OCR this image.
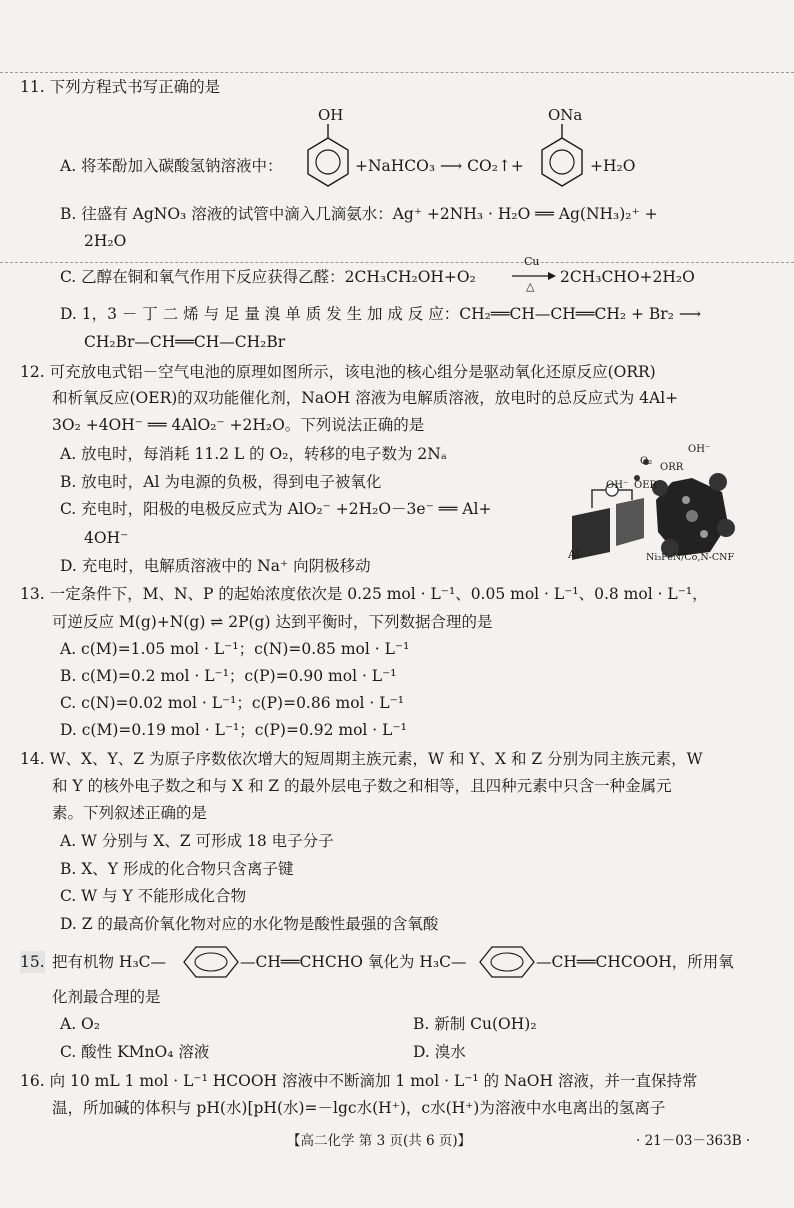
11. 下列方程式书写正确的是
OH	ONa
A. 将苯酚加入碳酸氢钠溶液中：	+NaHCO₃ ⟶ CO₂↑+	+H₂O
B. 往盛有 AgNO₃ 溶液的试管中滴入几滴氨水：Ag⁺ +2NH₃ · H₂O ══ Ag(NH₃)₂⁺ +
2H₂O
C. 乙醇在铜和氧气作用下反应获得乙醛：2CH₃CH₂OH+O₂
Cu
△
2CH₃CHO+2H₂O
D. 1，3 － 丁 二 烯 与 足 量 溴 单 质 发 生 加 成 反 应：CH₂══CH—CH══CH₂ + Br₂ ⟶
CH₂Br—CH══CH—CH₂Br
12. 可充放电式铝－空气电池的原理如图所示，该电池的核心组分是驱动氧化还原反应(ORR)
和析氧反应(OER)的双功能催化剂，NaOH 溶液为电解质溶液，放电时的总反应式为 4Al+
3O₂ +4OH⁻ ══ 4AlO₂⁻ +2H₂O。下列说法正确的是
A. 放电时，每消耗 11.2 L 的 O₂，转移的电子数为 2Nₐ
B. 放电时，Al 为电源的负极，得到电子被氧化
C. 充电时，阳极的电极反应式为 AlO₂⁻ +2H₂O－3e⁻ ══ Al+
4OH⁻
D. 充电时，电解质溶液中的 Na⁺ 向阴极移动
OH⁻
O₂
ORR
OH⁻ OER
Al	Ni₃FeN/Co,N-CNF
13. 一定条件下，M、N、P 的起始浓度依次是 0.25 mol · L⁻¹、0.05 mol · L⁻¹、0.8 mol · L⁻¹，
可逆反应 M(g)+N(g) ⇌ 2P(g) 达到平衡时，下列数据合理的是
A. c(M)=1.05 mol · L⁻¹；c(N)=0.85 mol · L⁻¹
B. c(M)=0.2 mol · L⁻¹；c(P)=0.90 mol · L⁻¹
C. c(N)=0.02 mol · L⁻¹；c(P)=0.86 mol · L⁻¹
D. c(M)=0.19 mol · L⁻¹；c(P)=0.92 mol · L⁻¹
14. W、X、Y、Z 为原子序数依次增大的短周期主族元素，W 和 Y、X 和 Z 分别为同主族元素，W
和 Y 的核外电子数之和与 X 和 Z 的最外层电子数之和相等，且四种元素中只含一种金属元
素。下列叙述正确的是
A. W 分别与 X、Z 可形成 18 电子分子
B. X、Y 形成的化合物只含离子键
C. W 与 Y 不能形成化合物
D. Z 的最高价氧化物对应的水化物是酸性最强的含氧酸
15. 把有机物 H₃C—	—CH══CHCHO 氧化为 H₃C—	—CH══CHCOOH，所用氧
化剂最合理的是
A. O₂	B. 新制 Cu(OH)₂
C. 酸性 KMnO₄ 溶液	D. 溴水
16. 向 10 mL 1 mol · L⁻¹ HCOOH 溶液中不断滴加 1 mol · L⁻¹ 的 NaOH 溶液，并一直保持常
温，所加碱的体积与 pH(水)[pH(水)=－lgc水(H⁺)，c水(H⁺)为溶液中水电离出的氢离子
【高二化学 第 3 页(共 6 页)】	· 21－03－363B ·
